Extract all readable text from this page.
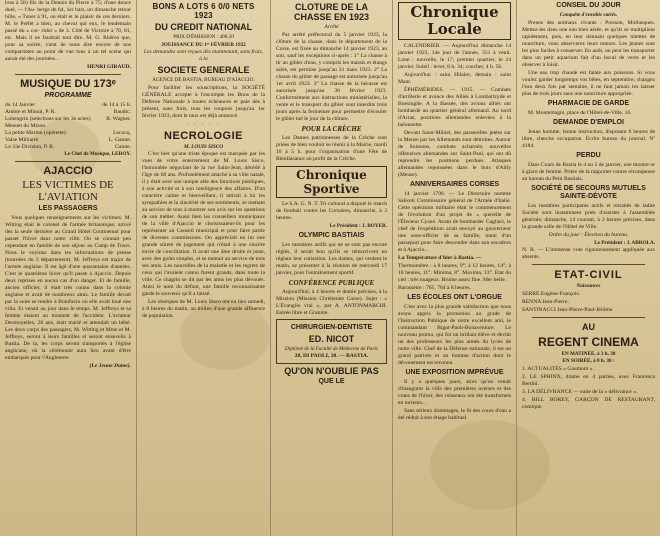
lons à 58) fils de la Dennis du Pierre à 75; d'une douce duel, — l'Au- berge de 64, 1er bars, un dimanche retour bille, « Tuner à 91, on était et le plaisir de ces derniers. M. le Préfet a bien, au cheval qui eux, le lendemain passé du « cor- ridor » de 3. Côté de Victoire à 70, 81, etc. Mais il ne faudrait tout dire. M. G. Rhéros que, pour sa soirée, vient de nous dire encore de nos compatriotes au point de vue tous à un tel scène qui aurait été des journées...

HENRI GIRAUD.

MUSIQUE DU 173ᵉ
PROGRAMME
du 14 Janvier	de 14 à 15 h.
Ambre et Minuit, P. R.	Baudic.
Lohengrin (selections sur les 3e actes)	R. Wagner.
Menuet du Mizon
La petite Marion (opérette)	Lecocq.
Valse Militaire	L. Ganne.
Le 33e Division, P. R.	Ganne.

Le Chef de Musique, LEROY.

AJACCIO
LES VICTIMES DE L'AVIATION
LES PASSAGERS

Vous quelques renseignements sur les victimes. M. Witting était le colonel de l'armée britannique; arrivé des la seule dernière au Grand Hôtel Continental pour passer l'hiver dans notre ville. On se connait peu cependant en famille de son séjour au Camp de Tours. Nous le voyions dans les informations de presse (tournées du 3 département). M. Jeffreys est major de l'armée anglaise. Il est âgé d'une quarantaine d'années. C'est le quatrième hiver qu'il passe à Ajaccio. Depuis deux reprises en aucun cas d'un danger. Et de famille, ancien officier, il était très connu dans la colonie anglaise et avait de nombreux amis. Le famille devait par la suite se rendre à Bonifacio où elle avait loué une villa. Et venait au jour dans le temps. M. Jeffreys et sa femme étaient au moment de l'accident. L'aviateur Desmoyelles, 28 ans, était marié et attendait un bébé. Les deux corps des passagers, M. Witting et Mme et M. Jeffreys, seront à leurs familles et seront ensevelis à Bastia. De la, les corps seront transportés à l'église anglicane, où la cérémonie aura lieu avant d'être embarqués pour l'Angleterre.

(Le Jeune Dame).

BONS A LOTS 6 0/0 NETS 1923
DU CREDIT NATIONAL

PRIX D'ÉMISSION : 408,50

JOUISSANCE DU 1ᵉʳ FÉVRIER 1922

Les demandes sont reçues dès maintenant, sans frais, à la

SOCIETE GENERALE

AGENCE DE BASTIA, BUREAU D'AJACCIO.

Pour faciliter les souscriptions, la SOCIÉTÉ GÉNÉRALE accepte à l'escompte les Bons de la Défense Nationale à toutes échéances et paie dès à présent, sans frais, tous les coupons jusqu'au 1er février 1923, dont le taux est déjà annoncé.

· · · · ·
NECROLOGIE

M. LOUIS SISCO

C'est hier qu'une triste époque est marquée par les vues de votre enterrement de M. Louis Sisco, l'honorable négociant de la rue Saint-Jean, décédé à l'âge de 68 ans. Profondément attaché à sa ville natale, il y était avec son unique zèle des fonctions publiques, à son activité et à son intelligence des affaires. D'un caractère calme et bienveillant, il attirait à lui les sympathies et la sincérité de ses sentiments, se mettant au service de tous à montrer son avis sur les questions de son métier. Aussi bien les conseillers municipaux de la ville d'Ajaccio le choisissaient-ils pour les représenter au Conseil municipal et pour faire partie de diverses commissions. On appréciait en lui une grande sûreté de jugement qui n'était à une sincère envie de conciliation. Il avait une âme droite et juste, avec des goûts simples, et se mettait au service de tous ses amis. Les nouvelles de la maladie et les regrets de ceux qui l'avaient connu furent grands, dans toute la ville. Ce chagrin se dit par les amis les plus dévoués. Ainsi le nom du défunt, une famille reconnaissante garde le souvenir qu'il a laissé.

Les obsèques de M. Louis Sisco ont eu lieu samedi, à 8 heures du matin, au milieu d'une grande affluence de population.

CLOTURE DE LA CHASSE EN 1923

Arrêté

Par arrêté préfectoral du 5 janvier 1923, la clôture de la chasse, dans le département de la Corse, est fixée au dimanche 14 janvier 1923, au soir, sauf les exceptions ci-après : 1° La chasse à tir au gibier d'eau, y compris les marais et étangs salés, est permise jusqu'au 31 mars 1923. 2° La chasse du gibier de passage est autorisée jusqu'au 1er avril 1923. 3° La chasse de la bécasse est autorisée jusqu'au 30 février 1923. Conformément aux instructions ministérielles, la vente et le transport du gibier sont interdits trois jours après la fermeture pour permettre d'écouler le gibier tué le jour de la clôture.

POUR LA CRÈCHE

Les Dames patronnesses de la Crèche sont priées de bien vouloir se réunir à la Mairie, mardi 16 à 5 h. pour l'organisation d'une Fête de Bienfaisance au profit de la Crèche.

Chronique Sportive

Le S.A. G. N. T. Tri cultural a disputé le match de football contre les Corsaires, dimanche, à 3 heures.

Le Président : J. BOYER.

OLYMPIC BASTIAIS

Les membres actifs qui ne se sont pas encore réglés, il serait bon qu'ils se réinscrivent en réglant leur cotisation. Les dames, qui veulent le matin, se présenter à la réunion de mercredi 17 janvier, pour l'entraînement sportif.

CONFÉRENCE PUBLIQUE

Aujourd'hui, à 4 heures et demie précises, à la Mission (Mission Chrétienne Corse). Sujet : « L'Évangile vrai », par A. ANTONMARCHI. Entrée libre et Gratuite.

CHIRURGIEN-DENTISTE
ED. NICOT

Diplômé de la Faculté de Médecine de Paris

28, DI PAOLI, 28. — BASTIA.

QU'ON N'OUBLIE PAS
QUE LE
Chronique Locale

CALENDRIER. — Aujourd'hui dimanche 14 janvier 1923, 14e jour de l'année, 351 à venir. Lune : nouvelle, le 17; premier quartier, le 24 janvier. Soleil : lever, 8 h. 34; coucher, 4 h. 56.

Aujourd'hui : saint Hilaire; demain : saint Maur.

ÉPHÉMÉRIDES. — 1915. — Combats d'artillerie et avance des Alliés à Lombartzyde et Boesinghe. A la Bassée, des avions alliés ont bombardé un quartier général allemand. Au nord d'Arras, positions allemandes enlevées à la baïonnette.

Devant Saint-Mihiel, des passerelles jetées sur la Meuse par les Allemands sont détruites. Autour de Soissons, combats acharnés; nouvelles offensives allemandes sur Saint-Paul, qui ont dû reprendre les positions perdues. Attaques allemandes repoussées dans le bois d'Ailly (Meuse).

ANNIVERSAIRES CORSES

14 janvier 1796. — Le Directoire nomme Saliceti Commissaire général de l'Armée d'Italie. Cette opération militaire était le commencement de l'évolution d'un projet de « querelle de l'Électeur Cysné. Avant de bombarder Cagliari, le chef de l'expédition avait envoyé au gouverneur une sous-officier de sa famille, muni d'un passeport pour faire descendre dans son escadron et à Ajaccio...

La Température d'hier à Bastia. —

Thermomètre : à 8 heures, 9°; à 12 heures, 14°; à 18 heures, 11°. Minima, 8°. Maxima, 13°. Etat du ciel : très nuageux. Brume assez fine. Mer belle.

Baromètre : 765, 764 à 8 heures.

LES ÉCOLES ONT L'ORGUE

C'est avec la plus grande satisfaction que nous avons appris la promotion au grade de l'Instruction Publique de notre excellent ami, le commandant Bigot-Paoli-Bonaventure. Le nouveau promu, qui fut un brillant élève et devint un des professeurs les plus aimés du lycée de notre ville. Chef de la Défense nationale, il est un grand patriote et un homme d'action dont le dévouement est reconnu.

UNE EXPOSITION IMPRÉVUE

Il y a quelques jours, alors qu'on venait d'inaugurer la ville des premières averses et des crues de l'hiver, des ruisseaux ont été transformés en torrents...

Sans sérieux dommages, le lit des cours d'eau a été réduit à son étiage habituel.

CONSEIL DU JOUR

Conquête d'envahis variés.

Prenez des animaux vivants : Poisson, Mollusques. Mettez-les dans une eau bien aérée, et qu'ils se multiplient rapidement, puis, en leur donnant quelques miettes de nourriture, vous observerez leurs mœurs. Les jeunes sont les plus faciles à conserver. En août, on peut les transporter dans un petit aquarium fait d'un bocal de verre et les observer à loisir.

Une eau trop chaude est fatale aux poissons. Si vous voulez garder longtemps vos bêtes, en septembre, changez l'eau deux fois par semaine, il ne faut jamais les laisser plus de trois jours sans une nourriture appropriée.

PHARMACIE DE GARDE

M. Montemagni, place de l'Hôtel-de-Ville, 16.

DEMANDE D'EMPLOI

Jeune homme, bonne instruction, disposant 8 heures de libre, cherche occupation. Écrire bureau du journal, Nº 4184.

PERDU

Dans Cours de Bastia le 4 ou 5 de janvier, une montre or à glace de femme. Prière de la rapporter contre récompense au bureau du Petit Bastiais.

SOCIÉTÉ DE SECOURS MUTUELS SAINTE-DÉVOTE

Les membres participants actifs et retraités de ladite Société sont instamment priés d'assister à l'assemblée générale, dimanche, 14 courant, à 2 heures précises, dans la grande salle de l'Hôtel de Ville.

Ordre du jour : Élection du bureau.

Le Président : J. ABROLA.

N. B. — L'immense vote rigoureusement appliquée aux absents.

ETAT-CIVIL

Naissances

SERRE Eugène-François.

RENNA Jean-Pierre.

SANTINACCI Jean-Pierre-Paul-Jérôme.

AU
REGENT CINEMA

EN MATINÉE, à 3 h. 30

EN SOIRÉE, à 8 h. 30 :

1. ACTUALITÉS « Gaumont ».

2. LE SPHINX, drame en 4 parties, avec Francesca Bertini.

3. LA DÉLIVRANCE — suite de la « délivrance ».

4. BILL BOREY, GARÇON DE RESTAURANT, comique.
